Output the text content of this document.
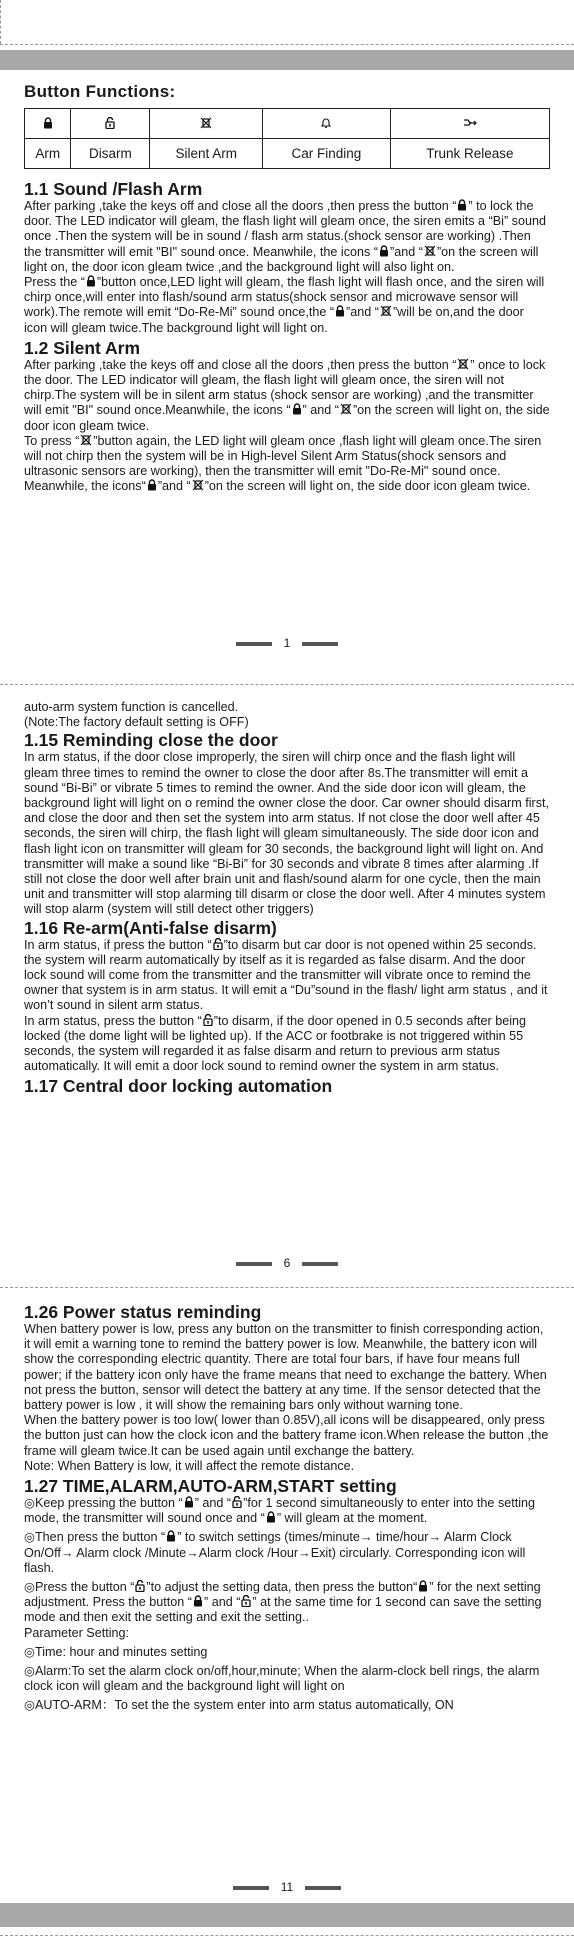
Button Functions:

Arm	Disarm	Silent Arm	Car Finding	Trunk Release

1.1 Sound /Flash Arm

After parking ,take the keys off and close all the doors ,then press the button “ ” to lock the door. The LED indicator will gleam, the flash light will gleam once, the siren emits a “Bi” sound once .Then the system will be in sound / flash arm status.(shock sensor are working) .Then the transmitter will emit "BI" sound once. Meanwhile, the icons “ ”and “ ”on the screen will light on, the door icon gleam twice ,and the background light will also light on.

Press the “ ”button once,LED light will gleam, the flash light will flash once, and the siren will chirp once,will enter into flash/sound arm status(shock sensor and microwave sensor will work).The remote will emit “Do-Re-Mi” sound once,the “ ”and “ ”will be on,and the door icon will gleam twice.The background light will light on.

1.2 Silent Arm

After parking ,take the keys off and close all the doors ,then press the button “ ” once to lock the door. The LED indicator will gleam, the flash light will gleam once, the siren will not chirp.The system will be in silent arm status (shock sensor are working) ,and the transmitter will emit "BI" sound once.Meanwhile, the icons “ ” and “ ”on the screen will light on, the side door icon gleam twice.

To press “ ”button again, the LED light will gleam once ,flash light will gleam once.The siren will not chirp then the system will be in High-level Silent Arm Status(shock sensors and ultrasonic sensors are working), then the transmitter will emit "Do-Re-Mi" sound once. Meanwhile, the icons“ ”and “ ”on the screen will light on, the side door icon gleam twice.

1

auto-arm system function is cancelled.

(Note:The factory default setting is OFF)

1.15 Reminding close the door

In arm status, if the door close improperly, the siren will chirp once and the flash light will gleam three times to remind the owner to close the door after 8s.The transmitter will emit a sound “Bi-Bi” or vibrate 5 times to remind the owner. And the side door icon will gleam, the background light will light on o remind the owner close the door. Car owner should disarm first, and close the door and then set the system into arm status. If not close the door well after 45 seconds, the siren will chirp, the flash light will gleam simultaneously. The side door icon and flash light icon on transmitter will gleam for 30 seconds, the background light will light on. And transmitter will make a sound like “Bi-Bi” for 30 seconds and vibrate 8 times after alarming .If still not close the door well after brain unit and flash/sound alarm for one cycle, then the main unit and transmitter will stop alarming till disarm or close the door well. After 4 minutes system will stop alarm (system will still detect other triggers)

1.16 Re-arm(Anti-false disarm)

In arm status, if press the button “ ”to disarm but car door is not opened within 25 seconds. the system will rearm automatically by itself as it is regarded as false disarm. And the door lock sound will come from the transmitter and the transmitter will vibrate once to remind the owner that system is in arm status. It will emit a “Du”sound in the flash/ light arm status , and it won’t sound in silent arm status.

In arm status, press the button “ ”to disarm, if the door opened in 0.5 seconds after being locked (the dome light will be lighted up). If the ACC or footbrake is not triggered within 55 seconds, the system will regarded it as false disarm and return to previous arm status automatically. It will emit a door lock sound to remind owner the system in arm status.

1.17 Central door locking automation

6

1.26 Power status reminding

When battery power is low, press any button on the transmitter to finish corresponding action, it will emit a warning tone to remind the battery power is low. Meanwhile, the battery icon will show the corresponding electric quantity. There are total four bars, if have four means full power; if the battery icon only have the frame means that need to exchange the battery. When not press the button, sensor will detect the battery at any time. If the sensor detected that the battery power is low , it will show the remaining bars only without warning tone.

When the battery power is too low( lower than 0.85V),all icons will be disappeared, only press the button just can how the clock icon and the battery frame icon.When release the button ,the frame will gleam twice.It can be used again until exchange the battery.

Note: When Battery is low, it will affect the remote distance.

1.27 TIME,ALARM,AUTO-ARM,START setting

◎Keep pressing the button “ ” and “ ”for 1 second simultaneously to enter into the setting mode, the transmitter will sound once and “ ” will gleam at the moment.

◎Then press the button “ ” to switch settings (times/minute→ time/hour→ Alarm Clock On/Off→ Alarm clock /Minute→Alarm clock /Hour→Exit) circularly. Corresponding icon will flash.

◎Press the button “ ”to adjust the setting data, then press the button“ ” for the next setting adjustment. Press the button “ ” and “ ” at the same time for 1 second can save the setting mode and then exit the setting and exit the setting..

Parameter Setting:

◎Time: hour and minutes setting

◎Alarm:To set the alarm clock on/off,hour,minute; When the alarm-clock bell rings, the alarm clock icon will gleam and the background light will light on

◎AUTO-ARM：To set the the system enter into arm status automatically, ON

11
